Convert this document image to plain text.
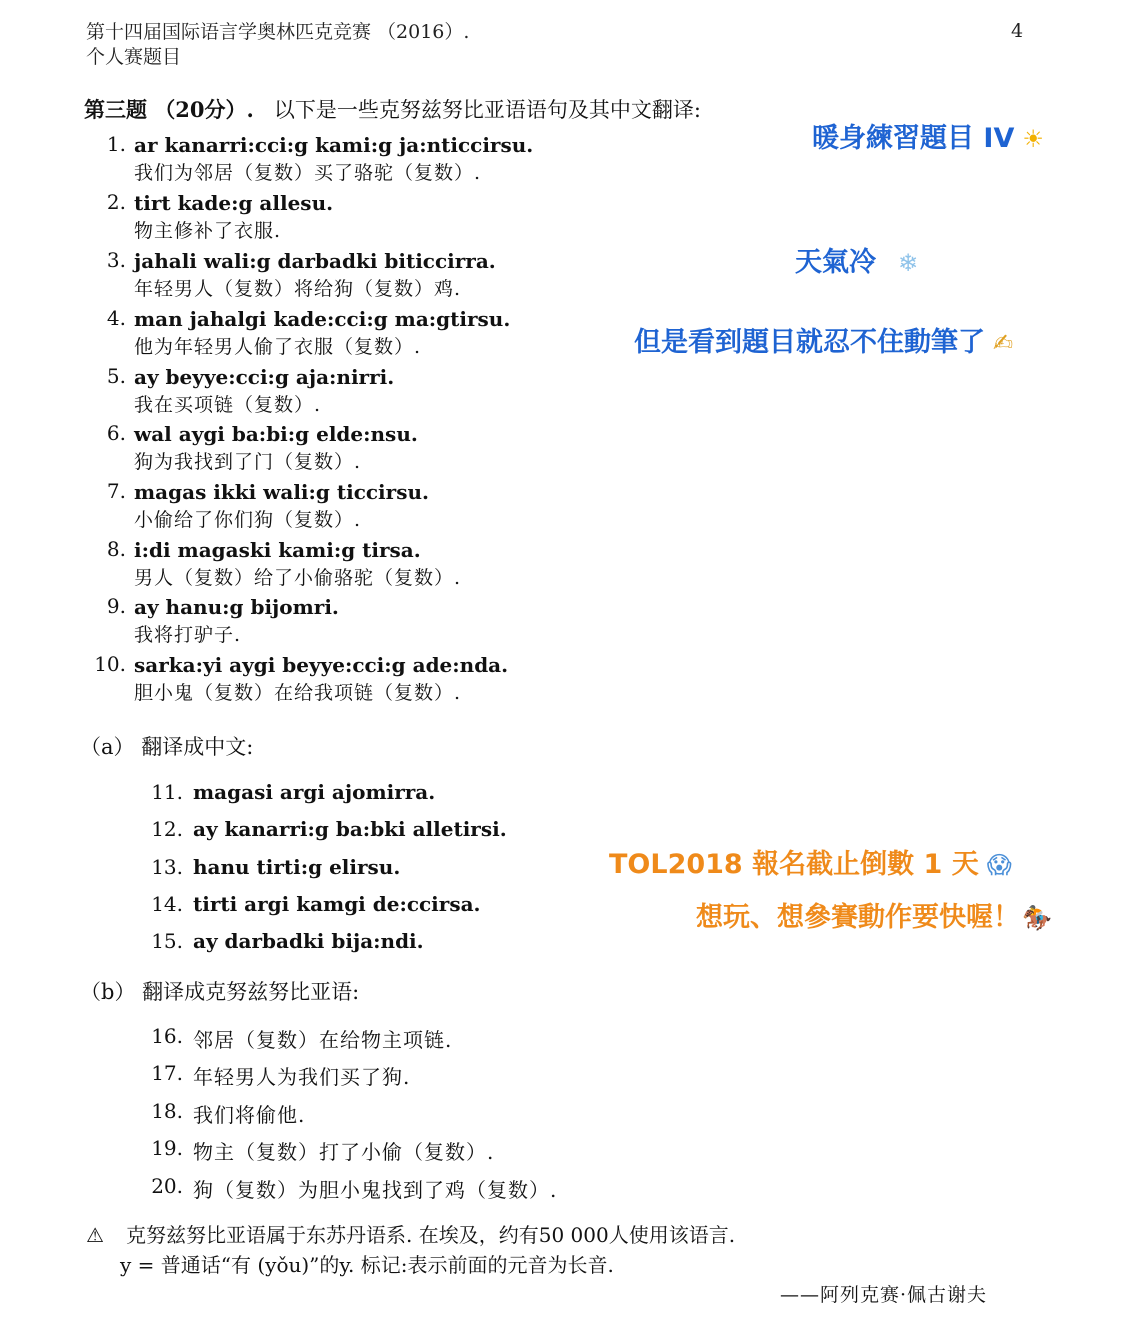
第十四届国际语言学奥林匹克竞赛 （2016）.
个人赛题目
4
第三题 （20分）. 以下是一些克努兹努比亚语语句及其中文翻译:
1. ar kanarri:cci:g kami:g ja:nticcirsu.
我们为邻居（复数）买了骆驼（复数）.
2. tirt kade:g allesu.
物主修补了衣服.
3. jahali wali:g darbadki biticcirra.
年轻男人（复数）将给狗（复数）鸡.
4. man jahalgi kade:cci:g ma:gtirsu.
他为年轻男人偷了衣服（复数）.
5. ay beyye:cci:g aja:nirri.
我在买项链（复数）.
6. wal aygi ba:bi:g elde:nsu.
狗为我找到了门（复数）.
7. magas ikki wali:g ticcirsu.
小偷给了你们狗（复数）.
8. i:di magaski kami:g tirsa.
男人（复数）给了小偷骆驼（复数）.
9. ay hanu:g bijomri.
我将打驴子.
10. sarka:yi aygi beyye:cci:g ade:nda.
胆小鬼（复数）在给我项链（复数）.
（a） 翻译成中文:
11. magasi argi ajomirra.
12. ay kanarri:g ba:bki alletirsi.
13. hanu tirti:g elirsu.
14. tirti argi kamgi de:ccirsa.
15. ay darbadki bija:ndi.
（b） 翻译成克努兹努比亚语:
16. 邻居（复数）在给物主项链.
17. 年轻男人为我们买了狗.
18. 我们将偷他.
19. 物主（复数）打了小偷（复数）.
20. 狗（复数）为胆小鬼找到了鸡（复数）.
⚠ 克努兹努比亚语属于东苏丹语系. 在埃及，约有50 000人使用该语言.
y = 普通话“有 (yǒu)”的y. 标记:表示前面的元音为长音.
——阿列克赛·佩古谢夫
暖身練習題目 IV ☀
天氣冷 ❄
但是看到題目就忍不住動筆了 ✍
TOL2018 報名截止倒數 1 天 😱
想玩、想參賽動作要快喔！🏇
